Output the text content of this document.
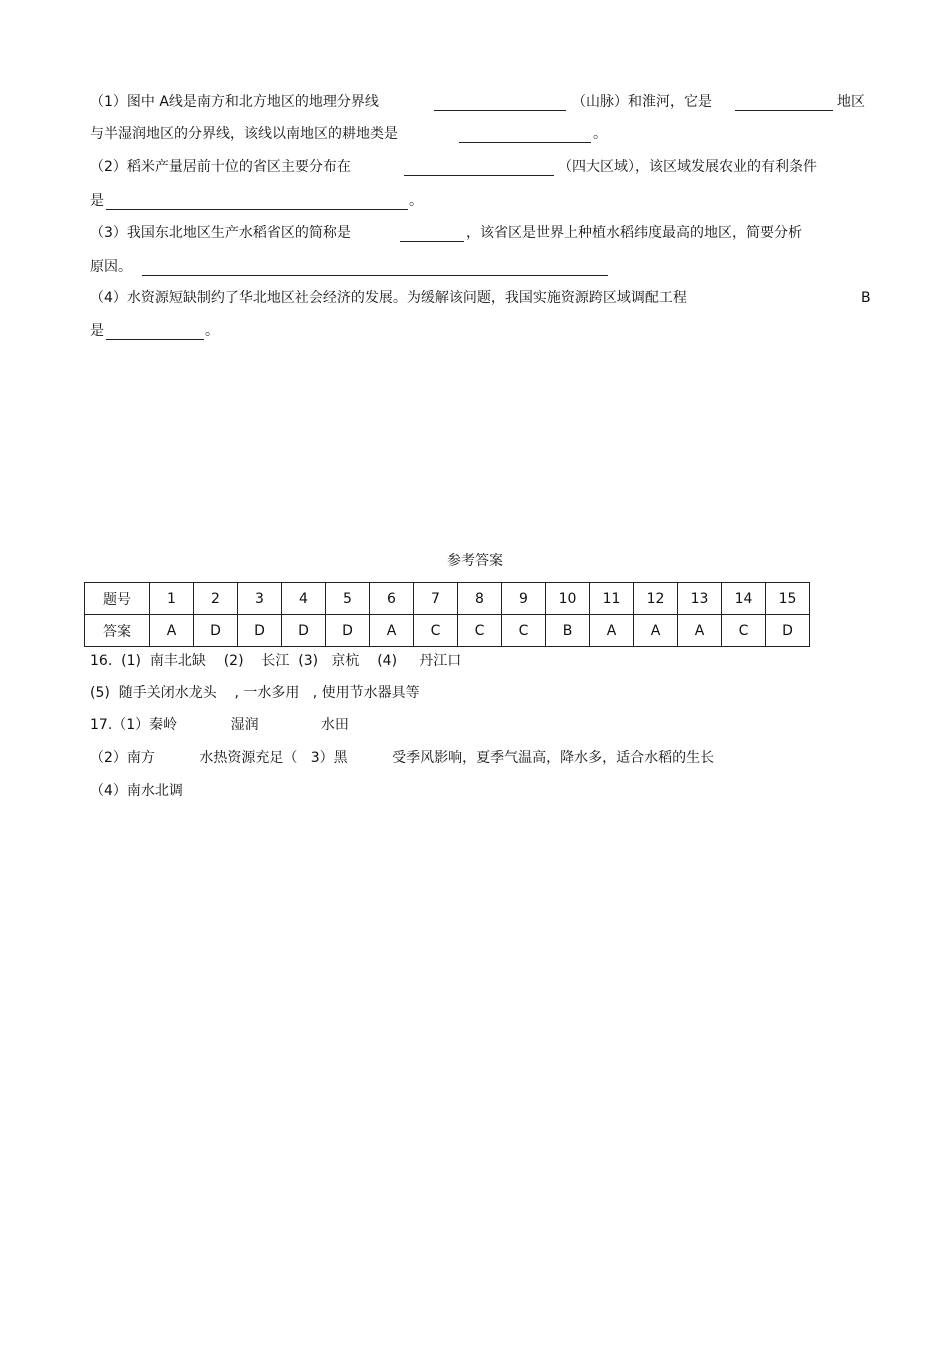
（1）图中 A线是南方和北方地区的地理分界线	（山脉）和淮河，它是	地区
与半湿润地区的分界线，该线以南地区的耕地类是	。
（2）稻米产量居前十位的省区主要分布在	（四大区域），该区域发展农业的有利条件
是	。
（3）我国东北地区生产水稻省区的简称是	，该省区是世界上种植水稻纬度最高的地区，简要分析
原因。
（4）水资源短缺制约了华北地区社会经济的发展。为缓解该问题，我国实施资源跨区域调配工程	B
是	。
参考答案
题号	1	2	3	4	5	6	7	8	9	10	11	12	13	14	15
答案	A	D	D	D	D	A	C	C	C	B	A	A	A	C	D
16.  (1)  南丰北缺    (2)    长江  (3)   京杭    (4)     丹江口
(5)  随手关闭水龙头    , 一水多用   , 使用节水器具等
17.（1）秦岭            湿润              水田
（2）南方          水热资源充足（   3）黑          受季风影响，夏季气温高，降水多，适合水稻的生长
（4）南水北调
